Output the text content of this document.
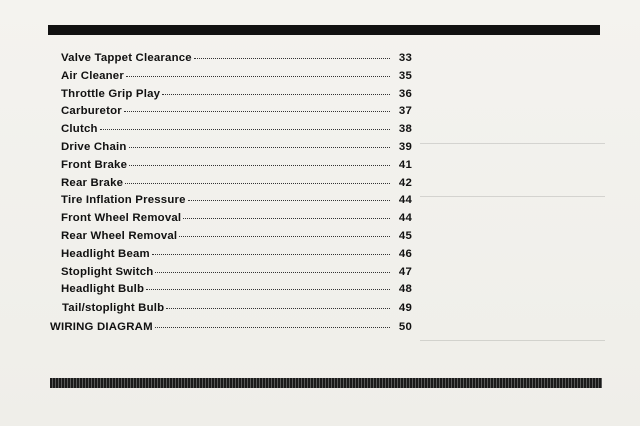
Valve Tappet Clearance	33
Air Cleaner	35
Throttle Grip Play	36
Carburetor	37
Clutch	38
Drive Chain	39
Front Brake	41
Rear Brake	42
Tire Inflation Pressure	44
Front Wheel Removal	44
Rear Wheel Removal	45
Headlight Beam	46
Stoplight Switch	47
Headlight Bulb	48
Tail/stoplight Bulb	49
WIRING DIAGRAM	50
